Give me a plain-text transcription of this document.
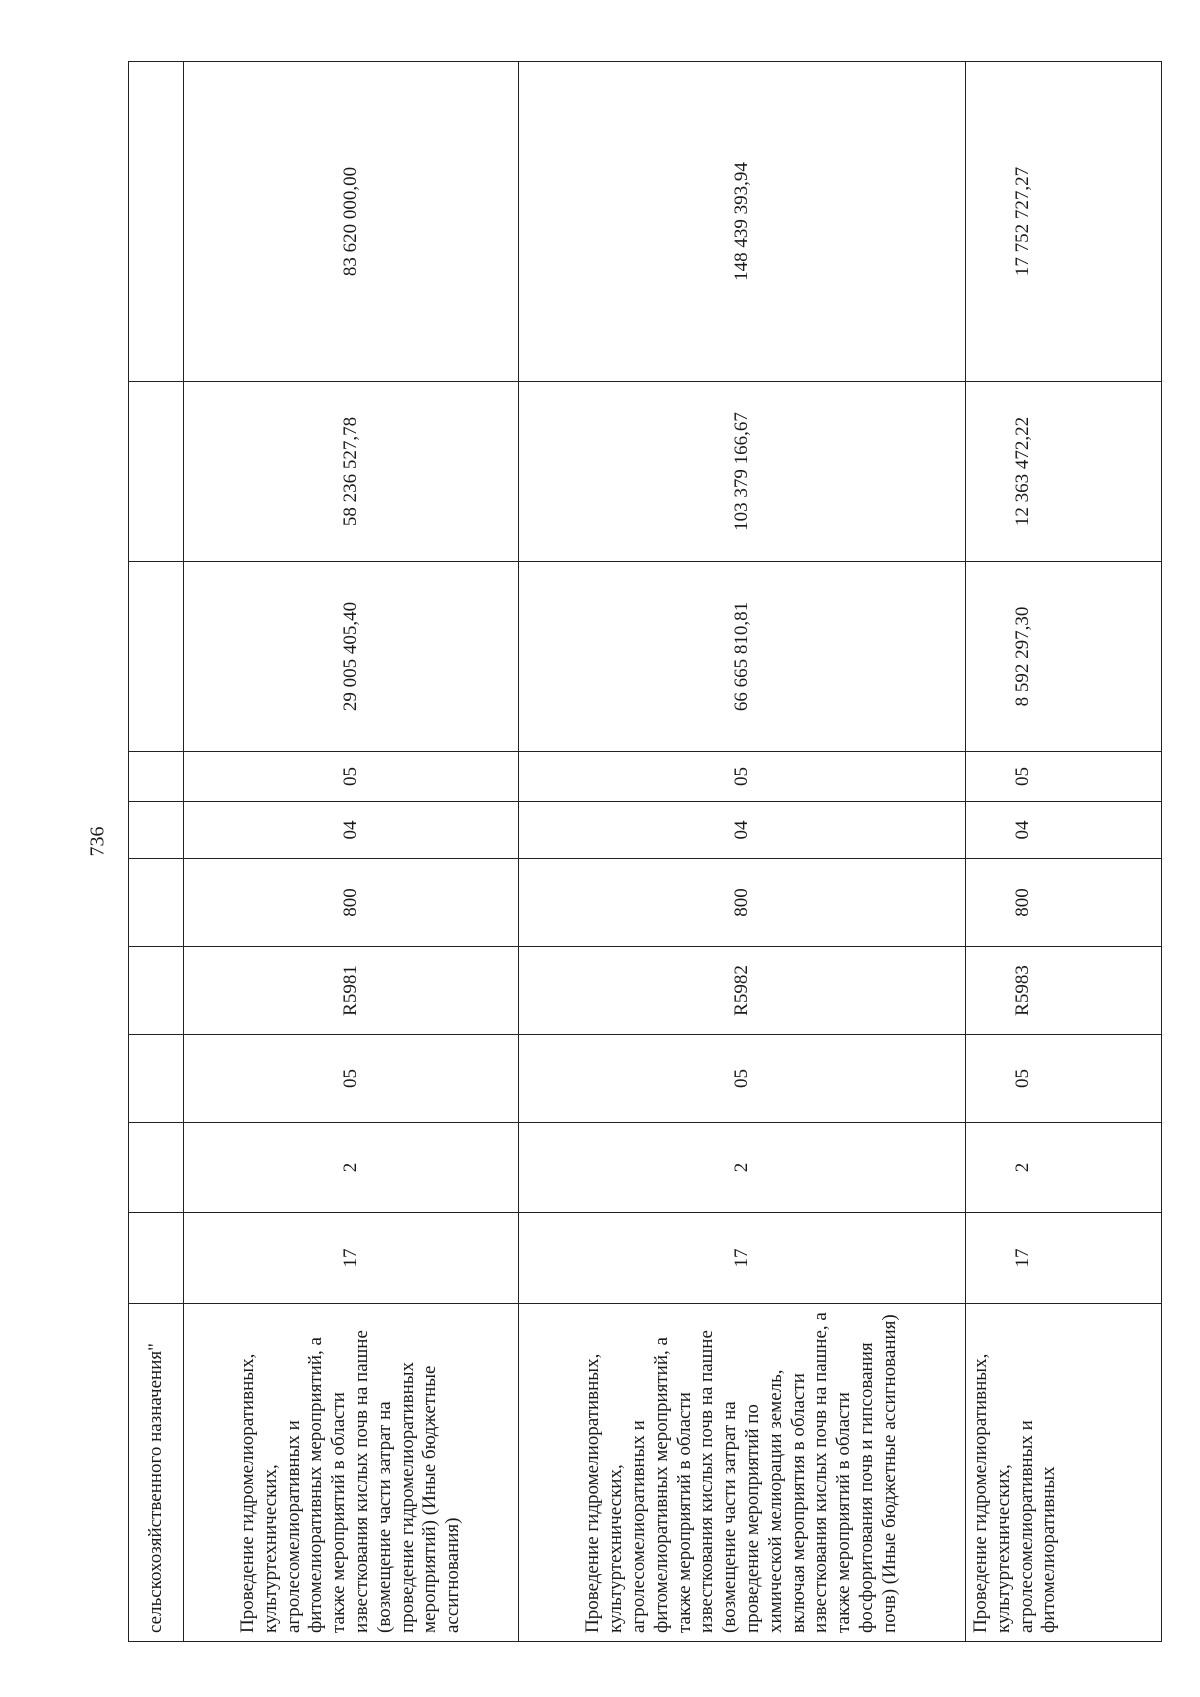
736
сельскохозяйственного назначения"										
Проведение гидромелиоративных, культуртехнических, агролесомелиоративных и фитомелиоративных мероприятий, а также мероприятий в области известкования кислых почв на пашне (возмещение части затрат на проведение гидромелиоративных мероприятий) (Иные бюджетные ассигнования)	17	2	05	R5981	800	04	05	29 005 405,40	58 236 527,78	83 620 000,00
Проведение гидромелиоративных, культуртехнических, агролесомелиоративных и фитомелиоративных мероприятий, а также мероприятий в области известкования кислых почв на пашне (возмещение части затрат на проведение мероприятий по химической мелиорации земель, включая мероприятия в области известкования кислых почв на пашне, а также мероприятий в области фосфоритования почв и гипсования почв) (Иные бюджетные ассигнования)	17	2	05	R5982	800	04	05	66 665 810,81	103 379 166,67	148 439 393,94
Проведение гидромелиоративных, культуртехнических, агролесомелиоративных и фитомелиоративных	17	2	05	R5983	800	04	05	8 592 297,30	12 363 472,22	17 752 727,27
